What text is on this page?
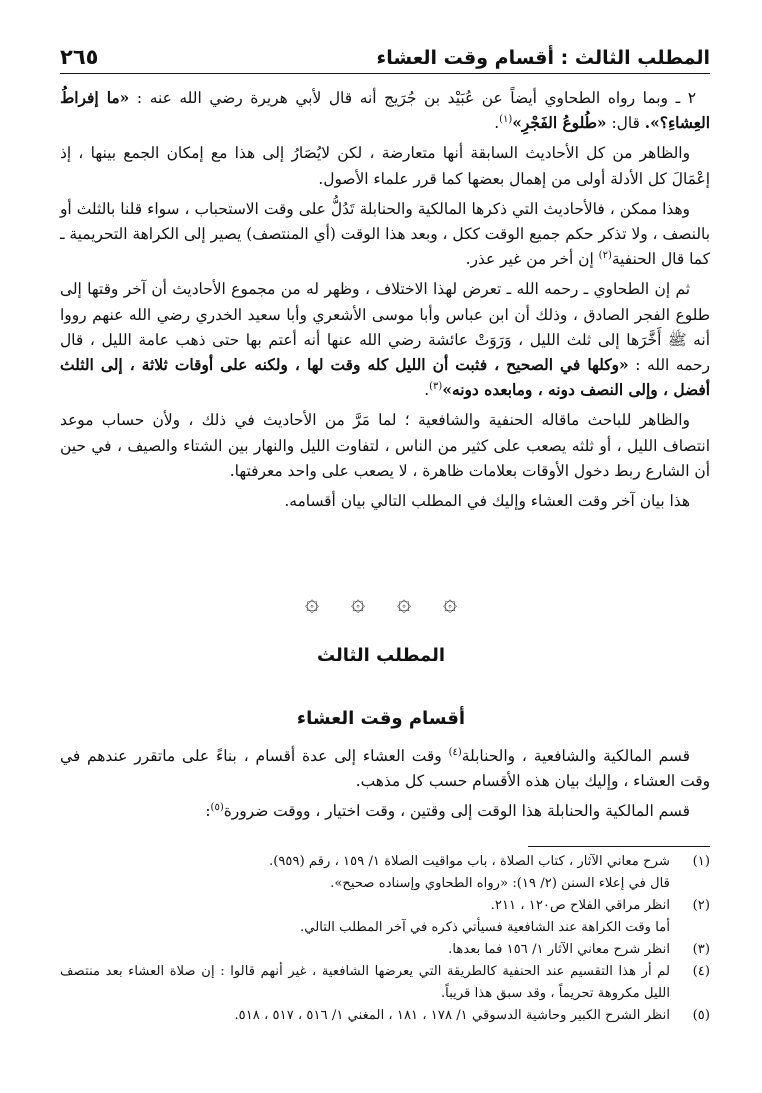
المطلب الثالث : أقسام وقت العشاء
٢٦٥

٢ ـ وبما رواه الطحاوي أيضاً عن عُبَيْد بن جُرَيج أنه قال لأبي هريرة رضي الله عنه : «ما إفراطُ العِشاءِ؟». قال: «طُلوعُ الفَجْرِ»$^{(١)}$.

والظاهر من كل الأحاديث السابقة أنها متعارضة ، لكن لايُصَارُ إلى هذا مع إمكان الجمع بينها ، إذ إعْمَالَ كل الأدلة أولى من إهمال بعضها كما قرر علماء الأصول.

وهذا ممكن ، فالأحاديث التي ذكرها المالكية والحنابلة تَدُلُّ على وقت الاستحباب ، سواء قلنا بالثلث أو بالنصف ، ولا تذكر حكم جميع الوقت ككل ، وبعد هذا الوقت (أي المنتصف) يصير إلى الكراهة التحريمية ـ كما قال الحنفية$^{(٢)}$ إن أخر من غير عذر.

ثم إن الطحاوي ـ رحمه الله ـ تعرض لهذا الاختلاف ، وظهر له من مجموع الأحاديث أن آخر وقتها إلى طلوع الفجر الصادق ، وذلك أن ابن عباس وأبا موسى الأشعري وأبا سعيد الخدري رضي الله عنهم رووا أنه ﷺ أَخَّرَها إلى ثلث الليل ، وَرَوَتْ عائشة رضي الله عنها أنه أعتم بها حتى ذهب عامة الليل ، قال رحمه الله : «وكلها في الصحيح ، فثبت أن الليل كله وقت لها ، ولكنه على أوقات ثلاثة ، إلى الثلث أفضل ، وإلى النصف دونه ، ومابعده دونه»$^{(٣)}$.

والظاهر للباحث ماقاله الحنفية والشافعية ؛ لما مَرَّ من الأحاديث في ذلك ، ولأن حساب موعد انتصاف الليل ، أو ثلثه يصعب على كثير من الناس ، لتفاوت الليل والنهار بين الشتاء والصيف ، في حين أن الشارع ربط دخول الأوقات بعلامات ظاهرة ، لا يصعب على واحد معرفتها.

هذا بيان آخر وقت العشاء وإليك في المطلب التالي بيان أقسامه.

۞
۞
۞
۞
المطلب الثالث
أقسام وقت العشاء

قسم المالكية والشافعية ، والحنابلة$^{(٤)}$ وقت العشاء إلى عدة أقسام ، بناءً على ماتقرر عندهم في وقت العشاء ، وإليك بيان هذه الأقسام حسب كل مذهب.

قسم المالكية والحنابلة هذا الوقت إلى وقتين ، وقت اختيار ، ووقت ضرورة$^{(٥)}$:

(١)
شرح معاني الآثار ، كتاب الصلاة ، باب مواقيت الصلاة ١/ ١٥٩ ، رقم (٩٥٩).
قال في إعلاء السنن (٢/ ١٩): «رواه الطحاوي وإسناده صحيح».
(٢)
انظر مراقي الفلاح ص١٢٠ ، ٢١١.
أما وقت الكراهة عند الشافعية فسيأتي ذكره في آخر المطلب التالي.
(٣)
انظر شرح معاني الآثار ١/ ١٥٦ فما بعدها.
(٤)
لم أر هذا التقسيم عند الحنفية كالطريقة التي يعرضها الشافعية ، غير أنهم قالوا : إن صلاة العشاء بعد منتصف الليل مكروهة تحريماً ، وقد سبق هذا قريباً.
(٥)
انظر الشرح الكبير وحاشية الدسوقي ١/ ١٧٨ ، ١٨١ ، المغني ١/ ٥١٦ ، ٥١٧ ، ٥١٨.
